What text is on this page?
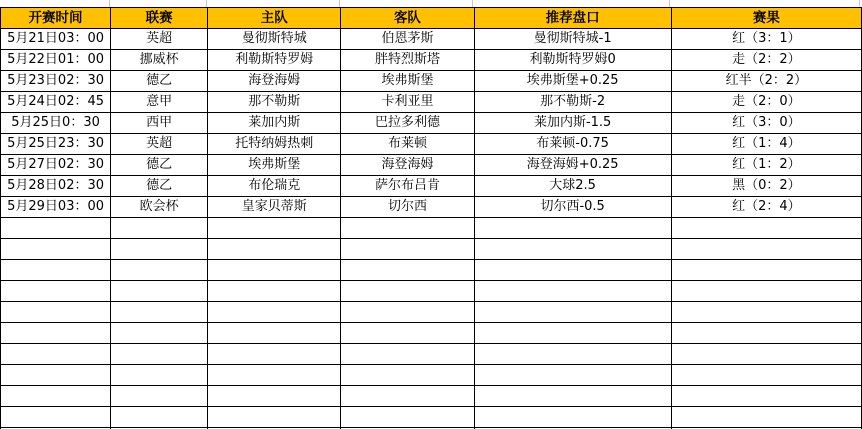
开赛时间	联赛	主队	客队	推荐盘口	赛果
5月21日03：00	英超	曼彻斯特城	伯恩茅斯	曼彻斯特城-1	红（3：1）
5月22日01：00	挪威杯	利勒斯特罗姆	胖特烈斯塔	利勒斯特罗姆0	走（2：2）
5月23日02：30	德乙	海登海姆	埃弗斯堡	埃弗斯堡+0.25	红半（2：2）
5月24日02：45	意甲	那不勒斯	卡利亚里	那不勒斯-2	走（2：0）
5月25日0：30	西甲	莱加内斯	巴拉多利德	莱加内斯-1.5	红（3：0）
5月25日23：30	英超	托特纳姆热刺	布莱顿	布莱顿-0.75	红（1：4）
5月27日02：30	德乙	埃弗斯堡	海登海姆	海登海姆+0.25	红（1：2）
5月28日02：30	德乙	布伦瑞克	萨尔布吕肯	大球2.5	黑（0：2）
5月29日03：00	欧会杯	皇家贝蒂斯	切尔西	切尔西-0.5	红（2：4）
